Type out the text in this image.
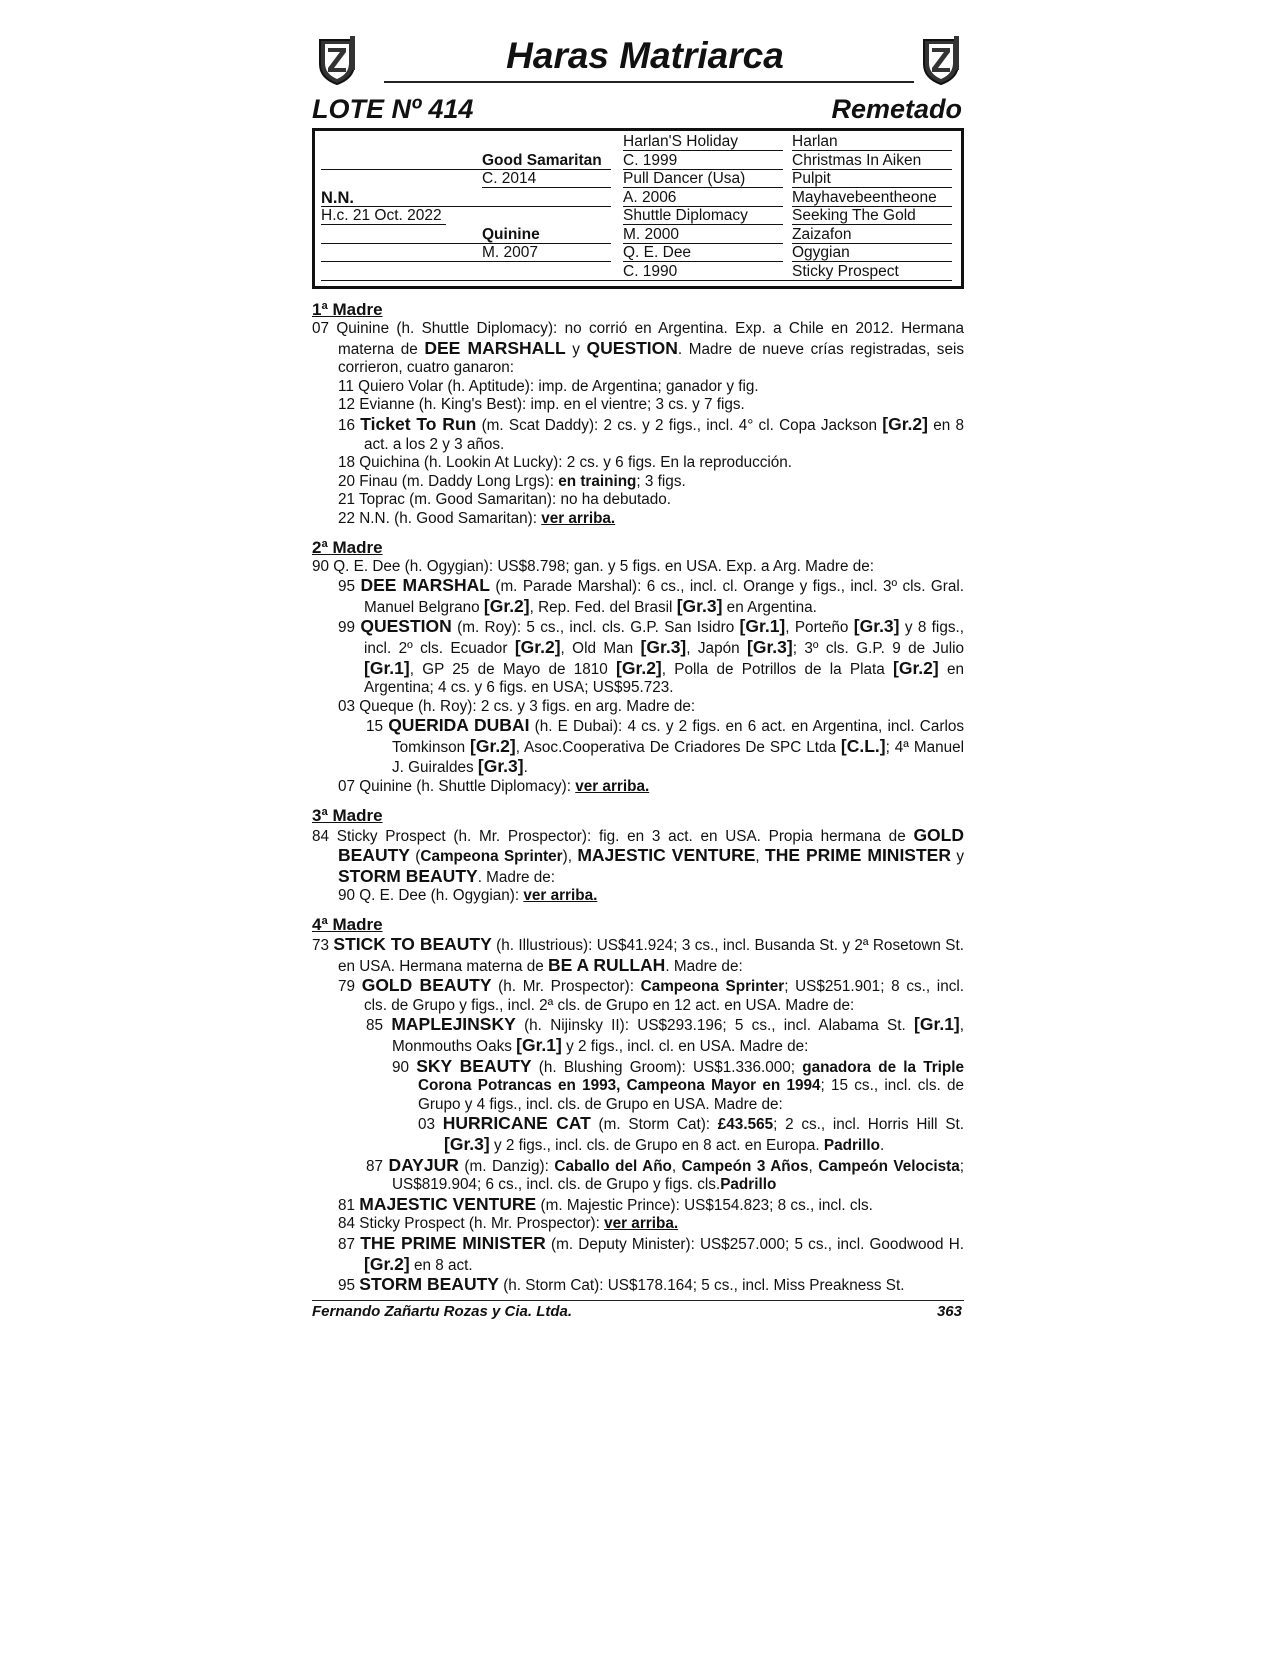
Haras Matriarca
LOTE Nº 414	Remetado
Harlan
Christmas In Aiken
Pulpit
Mayhavebeentheone
Seeking The Gold
Zaizafon
Ogygian
Sticky Prospect
Harlan'S Holiday
C. 1999
Pull Dancer (Usa)
A. 2006
Shuttle Diplomacy
M. 2000
Q. E. Dee
C. 1990
Good Samaritan
C. 2014
Quinine
M. 2007
N.N.
H.c. 21 Oct. 2022
1ª Madre
07 Quinine (h. Shuttle Diplomacy): no corrió en Argentina. Exp. a Chile en 2012. Hermana materna de DEE MARSHALL y QUESTION. Madre de nueve crías registradas, seis corrieron, cuatro ganaron:
11 Quiero Volar (h. Aptitude): imp. de Argentina; ganador y fig.
12 Evianne (h. King's Best): imp. en el vientre; 3 cs. y 7 figs.
16 Ticket To Run (m. Scat Daddy): 2 cs. y 2 figs., incl. 4° cl. Copa Jackson [Gr.2] en 8 act. a los 2 y 3 años.
18 Quichina (h. Lookin At Lucky): 2 cs. y 6 figs. En la reproducción.
20 Finau (m. Daddy Long Lrgs): en training; 3 figs.
21 Toprac (m. Good Samaritan): no ha debutado.
22 N.N. (h. Good Samaritan): ver arriba.
2ª Madre
90 Q. E. Dee (h. Ogygian): US$8.798; gan. y 5 figs. en USA. Exp. a Arg. Madre de:
95 DEE MARSHAL (m. Parade Marshal): 6 cs., incl. cl. Orange y figs., incl. 3º cls. Gral. Manuel Belgrano [Gr.2], Rep. Fed. del Brasil [Gr.3] en Argentina.
99 QUESTION (m. Roy): 5 cs., incl. cls. G.P. San Isidro [Gr.1], Porteño [Gr.3] y 8 figs., incl. 2º cls. Ecuador [Gr.2], Old Man [Gr.3], Japón [Gr.3]; 3º cls. G.P. 9 de Julio [Gr.1], GP 25 de Mayo de 1810 [Gr.2], Polla de Potrillos de la Plata [Gr.2] en Argentina; 4 cs. y 6 figs. en USA; US$95.723.
03 Queque (h. Roy): 2 cs. y 3 figs. en arg. Madre de:
15 QUERIDA DUBAI (h. E Dubai): 4 cs. y 2 figs. en 6 act. en Argentina, incl. Carlos Tomkinson [Gr.2], Asoc.Cooperativa De Criadores De SPC Ltda [C.L.]; 4ª Manuel J. Guiraldes [Gr.3].
07 Quinine (h. Shuttle Diplomacy): ver arriba.
3ª Madre
84 Sticky Prospect (h. Mr. Prospector): fig. en 3 act. en USA. Propia hermana de GOLD BEAUTY (Campeona Sprinter), MAJESTIC VENTURE, THE PRIME MINISTER y STORM BEAUTY. Madre de:
90 Q. E. Dee (h. Ogygian): ver arriba.
4ª Madre
73 STICK TO BEAUTY (h. Illustrious): US$41.924; 3 cs., incl. Busanda St. y 2ª Rosetown St. en USA. Hermana materna de BE A RULLAH. Madre de:
79 GOLD BEAUTY (h. Mr. Prospector): Campeona Sprinter; US$251.901; 8 cs., incl. cls. de Grupo y figs., incl. 2ª cls. de Grupo en 12 act. en USA. Madre de:
85 MAPLEJINSKY (h. Nijinsky II): US$293.196; 5 cs., incl. Alabama St. [Gr.1], Monmouths Oaks [Gr.1] y 2 figs., incl. cl. en USA. Madre de:
90 SKY BEAUTY (h. Blushing Groom): US$1.336.000; ganadora de la Triple Corona Potrancas en 1993, Campeona Mayor en 1994; 15 cs., incl. cls. de Grupo y 4 figs., incl. cls. de Grupo en USA. Madre de:
03 HURRICANE CAT (m. Storm Cat): £43.565; 2 cs., incl. Horris Hill St. [Gr.3] y 2 figs., incl. cls. de Grupo en 8 act. en Europa. Padrillo.
87 DAYJUR (m. Danzig): Caballo del Año, Campeón 3 Años, Campeón Velocista; US$819.904; 6 cs., incl. cls. de Grupo y figs. cls.Padrillo
81 MAJESTIC VENTURE (m. Majestic Prince): US$154.823; 8 cs., incl. cls.
84 Sticky Prospect (h. Mr. Prospector): ver arriba.
87 THE PRIME MINISTER (m. Deputy Minister): US$257.000; 5 cs., incl. Goodwood H. [Gr.2] en 8 act.
95 STORM BEAUTY (h. Storm Cat): US$178.164; 5 cs., incl. Miss Preakness St.
Fernando Zañartu Rozas y Cia. Ltda.	363
